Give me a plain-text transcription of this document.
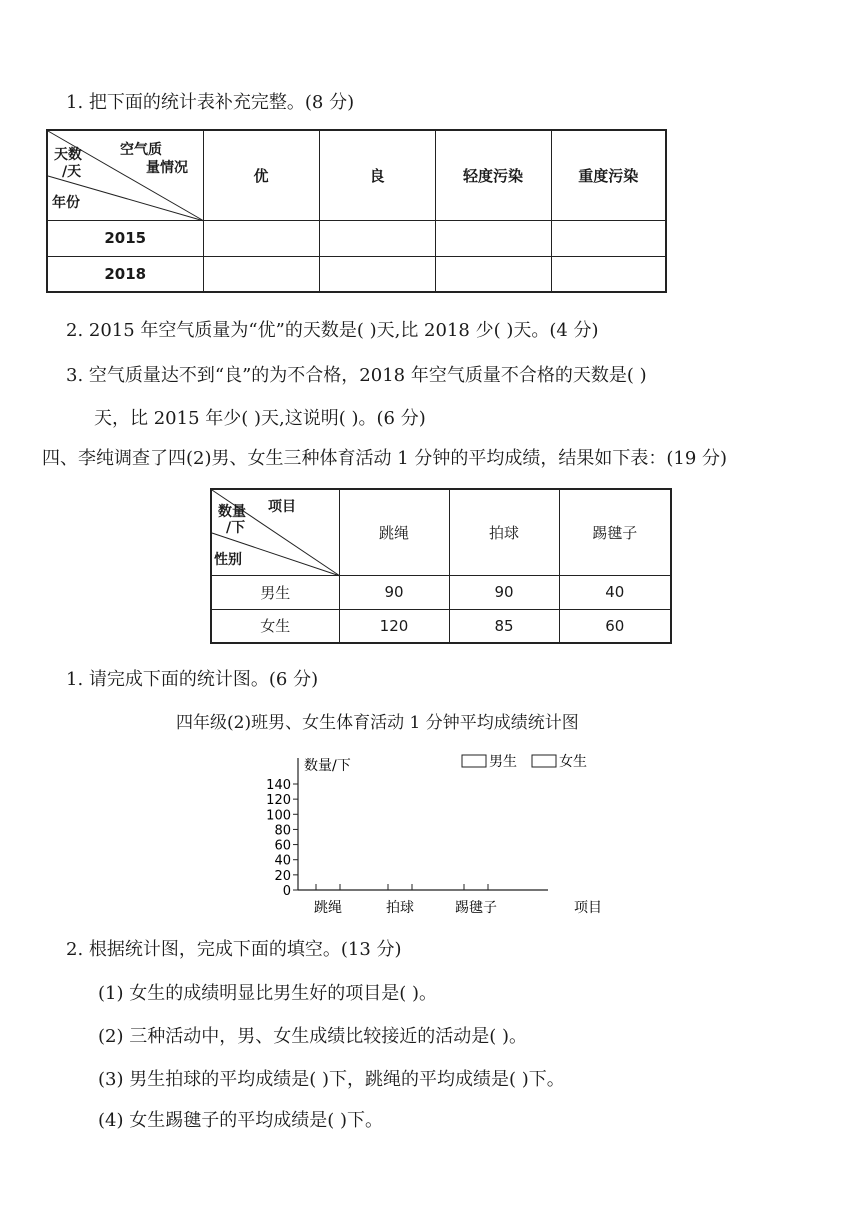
1. 把下面的统计表补充完整。(8 分)
空气质
量情况
天数
/天
年份	优	良	轻度污染	重度污染
2015				
2018				
2. 2015 年空气质量为“优”的天数是( )天,比 2018 少( )天。(4 分)
3. 空气质量达不到“良”的为不合格，2018 年空气质量不合格的天数是( )
天，比 2015 年少( )天,这说明( )。(6 分)
四、李纯调查了四(2)男、女生三种体育活动 1 分钟的平均成绩，结果如下表：(19 分)
项目
数量
/下
性别	跳绳	拍球	踢毽子
男生	90	90	40
女生	120	85	60
1. 请完成下面的统计图。(6 分)
四年级(2)班男、女生体育活动 1 分钟平均成绩统计图
数量/下
项目
0
20
40
60
80
100
120
140
跳绳	拍球	踢毽子
男生	女生
2. 根据统计图，完成下面的填空。(13 分)
(1) 女生的成绩明显比男生好的项目是( )。
(2) 三种活动中，男、女生成绩比较接近的活动是( )。
(3) 男生拍球的平均成绩是( )下，跳绳的平均成绩是( )下。
(4) 女生踢毽子的平均成绩是( )下。
